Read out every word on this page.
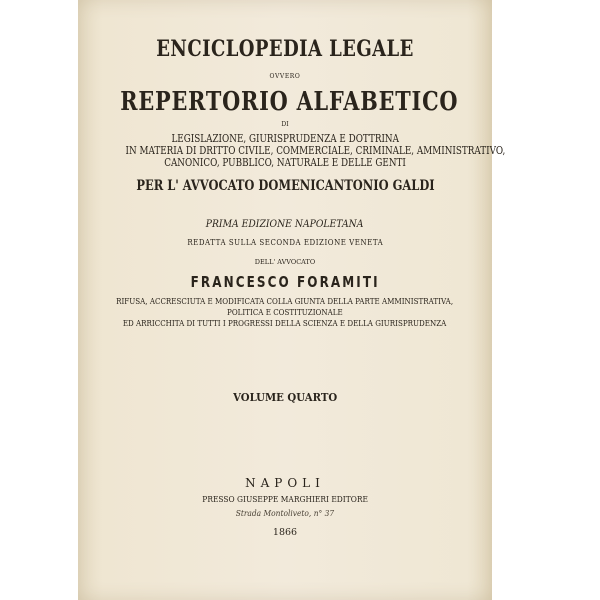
ENCICLOPEDIA LEGALE
OVVERO
REPERTORIO ALFABETICO
DI
LEGISLAZIONE, GIURISPRUDENZA E DOTTRINA
IN MATERIA DI DRITTO CIVILE, COMMERCIALE, CRIMINALE, AMMINISTRATIVO,
CANONICO, PUBBLICO, NATURALE E DELLE GENTI
PER L' AVVOCATO DOMENICANTONIO GALDI
PRIMA EDIZIONE NAPOLETANA
REDATTA SULLA SECONDA EDIZIONE VENETA
DELL' AVVOCATO
FRANCESCO FORAMITI
RIFUSA, ACCRESCIUTA E MODIFICATA COLLA GIUNTA DELLA PARTE AMMINISTRATIVA,
POLITICA E COSTITUZIONALE
ED ARRICCHITA DI TUTTI I PROGRESSI DELLA SCIENZA E DELLA GIURISPRUDENZA
VOLUME QUARTO
NAPOLI
PRESSO GIUSEPPE MARGHIERI EDITORE
Strada Montoliveto, n° 37
1866
